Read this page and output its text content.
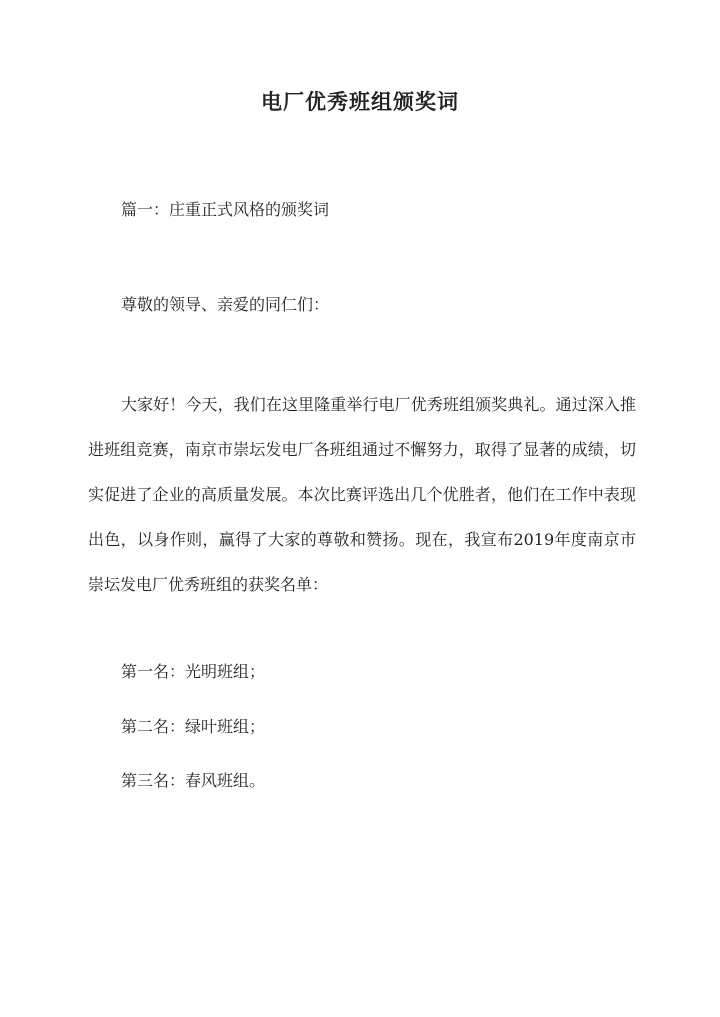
电厂优秀班组颁奖词
篇一：庄重正式风格的颁奖词
尊敬的领导、亲爱的同仁们：

大家好！今天，我们在这里隆重举行电厂优秀班组颁奖典礼。通过深入推进班组竞赛，南京市崇坛发电厂各班组通过不懈努力，取得了显著的成绩，切实促进了企业的高质量发展。本次比赛评选出几个优胜者，他们在工作中表现出色，以身作则，赢得了大家的尊敬和赞扬。现在，我宣布2019年度南京市崇坛发电厂优秀班组的获奖名单：

第一名：光明班组；
第二名：绿叶班组；
第三名：春风班组。
